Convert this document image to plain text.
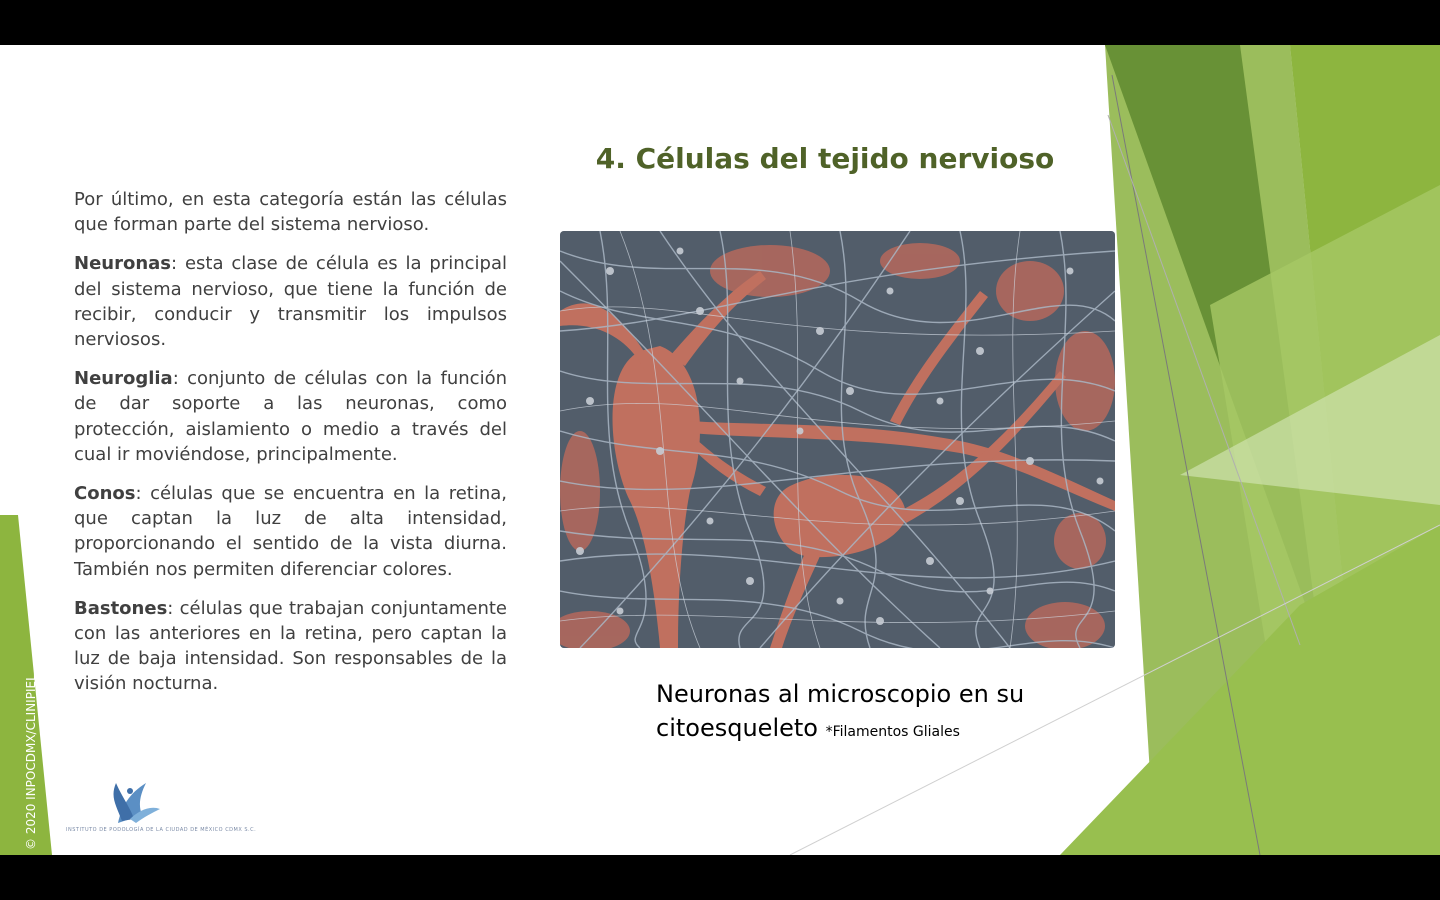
4. Células del tejido nervioso

Por último, en esta categoría están las células que forman parte del sistema nervioso.

Neuronas: esta clase de célula es la principal del sistema nervioso, que tiene la función de recibir, conducir y transmitir los impulsos nerviosos.

Neuroglia: conjunto de células con la función de dar soporte a las neuronas, como protección, aislamiento o medio a través del cual ir moviéndose, principalmente.

Conos: células que se encuentra en la retina, que captan la luz de alta intensidad, proporcionando el sentido de la vista diurna. También nos permiten diferenciar colores.

Bastones: células que trabajan conjuntamente con las anteriores en la retina, pero captan la luz de baja intensidad. Son responsables de la visión nocturna.	Neuronas al microscopio en su citoesqueleto *Filamentos Gliales
© 2020 INPOCDMX/CLINIPIEL	INSTITUTO DE PODOLOGÍA DE LA CIUDAD DE MÉXICO CDMX S.C.
